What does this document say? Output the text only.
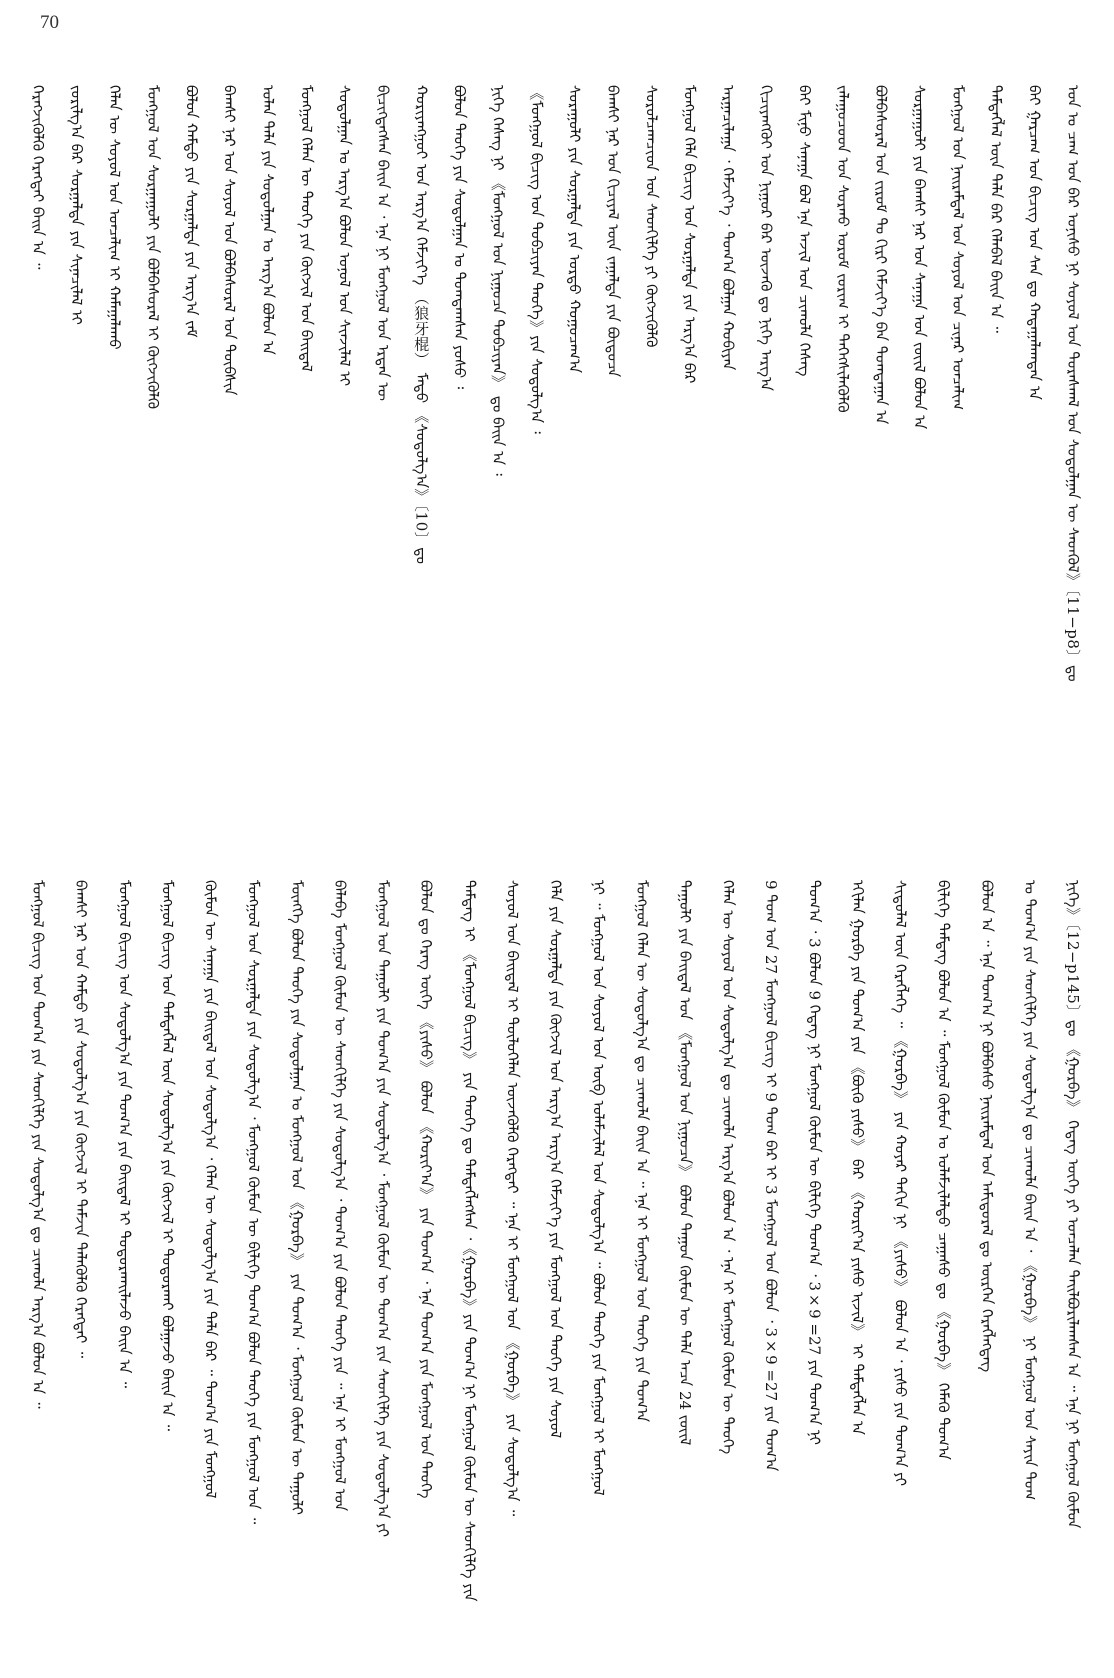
70
ᠤᠨ ᠤ ᠴᠠᠭ ᠤᠨ ᠪᠠᠷ ᠣᠨᠢᠰᠤ ᠨᠢ ᠰᠣᠶᠤᠯ ᠤᠨ ᠳᠤᠷᠠᠰᠬᠠᠯ ᠤᠨ ᠰᠤᠳᠤᠯᠭᠠᠨ ᠦ ᠰᠡᠳᠭᠦᠯ》〔11−p8〕ᠳᠤ
ᠪᠠᠢ ᠭᠠᠷᠴᠠᠭ ᠤᠨ ᠪᠢᠴᠢᠭ ᠤᠨ ᠰᠠᠨ ᠳᠤ ᠬᠠᠳᠠᠭᠠᠯᠠᠭᠳᠠᠨ ᠠ
ᠲᠡᠮᠳᠡᠭᠯᠡᠯ ᠦᠨ ᠲᠠᠯᠠ ᠪᠠᠷ ᠬᠡᠯᠡᠪᠡᠯ ᠪᠠᠢᠨ ᠠ ᠃
ᠮᠣᠩᠭᠣᠯ ᠤᠨ ᠨᠠᠢᠷᠠᠮᠳᠠᠯ ᠤᠨ ᠰᠣᠶᠤᠯ ᠤᠨ ᠴᠢᠨᠠᠷ ᠣᠨᠴᠠᠯᠢᠭ
ᠰᠤᠷᠭᠠᠭᠤᠯᠢ ᠶᠢᠨ ᠪᠠᠭᠰᠢ ᠨᠠᠷ ᠤᠨ ᠰᠠᠨᠠᠭᠠ ᠤᠨ ᠵᠦᠢᠯ ᠪᠣᠯᠤᠨ ᠠ
ᠪᠣᠯᠪᠠᠰᠤᠷᠠᠯ ᠤᠨ ᠵᠢᠷᠤᠮ ᠲᠤ ᠬᠢᠷᠢ ᠬᠡᠮᠵᠢᠶ᠎ᠡ ᠪᠠᠨ ᠲᠣᠭᠲᠠᠭᠠᠨ ᠠ
ᠵᠠᠯᠠᠭᠤᠴᠤᠳ ᠤᠨ ᠰᠤᠷᠬᠤ ᠤᠷᠤᠮ ᠵᠣᠷᠢᠭ ᠢ ᠳᠡᠭᠡᠭᠰᠢᠯᠡᠭᠦᠯᠬᠦ
ᠪᠠᠢ ᠮᠢᠨᠦ ᠰᠠᠨᠠᠭᠠ ᠪᠣᠯ ᠡᠨᠡ ᠠᠵᠢᠯ ᠤᠨ ᠴᠢᠬᠤᠯᠠ ᠬᠡᠰᠡᠭ
ᠬᠢᠴᠢᠶᠡᠩᠭᠦᠢ ᠤᠨ ᠨᠢᠭᠤᠷ ᠪᠠᠷ ᠦᠵᠡᠬᠦ ᠳᠤ ᠨᠢᠭᠡ ᠠᠷᠭ᠎ᠠ
ᠠᠷᠭᠠᠴᠢᠯᠠᠭᠠ ᠂ ᠬᠡᠮᠵᠢᠶ᠎ᠡ ᠂ ᠲᠣᠭ᠎ᠠ ᠪᠣᠯᠭᠠᠨ ᠬᠤᠪᠢᠶᠠᠨ
ᠮᠣᠩᠭᠣᠯ ᠬᠡᠯᠡ ᠪᠢᠴᠢᠭ ᠤᠨ ᠰᠤᠷᠭᠠᠯᠲᠠ ᠶᠢᠨ ᠠᠷᠭ᠎ᠠ ᠪᠠᠷ
ᠰᠤᠷᠤᠯᠴᠠᠭᠴᠢᠳ ᠤᠨ ᠰᠡᠳᠬᠢᠯᠭᠡ ᠶᠢ ᠬᠥᠭᠵᠢᠭᠦᠯᠬᠦ
ᠪᠠᠭᠰᠢ ᠨᠠᠷ ᠤᠨ ᠬᠢᠴᠢᠶᠡᠯ ᠦᠨ ᠵᠠᠭᠠᠯᠲᠠ ᠶᠢᠨ ᠪᠦᠲᠦᠴᠡ
ᠰᠤᠷᠠᠭᠤᠯᠢ ᠶᠢᠨ ᠰᠤᠷᠭᠠᠯᠲᠠ ᠶᠢᠨ ᠤᠷᠲᠤ ᠬᠤᠭᠤᠴᠠᠭ᠎ᠠ
《ᠮᠣᠩᠭᠣᠯ ᠪᠢᠴᠢᠭ ᠤᠨ ᠲᠣᠪᠴᠢᠶᠠᠨ ᠲᠡᠦᠬᠡ》ᠶᠢᠨ ᠰᠤᠳᠤᠯᠭ᠎ᠠ ᠄
ᠨᠢᠭᠡ ᠬᠡᠰᠡᠭ ᠨᠢ 《ᠮᠣᠩᠭᠣᠯ ᠤᠨ ᠨᠢᠭᠤᠴᠠ ᠲᠣᠪᠴᠢᠶᠠᠨ》 ᠳᠤ ᠪᠠᠢᠨ ᠠ ᠄
ᠪᠣᠯᠤᠨ ᠲᠡᠦᠬᠡ ᠶᠢᠨ ᠰᠤᠳᠤᠯᠭᠠᠨ ᠤ ᠲᠣᠭᠲᠠᠭᠰᠠᠨ ᠶᠣᠰᠤ ᠄
ᠬᠤᠷᠢᠶᠠᠩᠭᠤᠢ ᠤᠨ ᠠᠷᠭ᠎ᠠ ᠬᠡᠮᠵᠢᠶ᠎ᠡ （狼牙棍） ᠮᠡᠲᠦ 《ᠰᠤᠳᠤᠯᠭ᠎ᠠ》〔10〕ᠳᠤ
ᠪᠢᠴᠢᠭᠳᠡᠭᠰᠡᠨ ᠪᠠᠢᠨ ᠠ ᠂ ᠡᠨᠡ ᠨᠢ ᠮᠣᠩᠭᠣᠯ ᠤᠨ ᠡᠷᠲᠡᠨ ᠦ
ᠰᠤᠳᠤᠯᠭᠠᠨ ᠤ ᠠᠷᠭ᠎ᠠ ᠪᠣᠯᠤᠨ ᠣᠨᠣᠯ ᠤᠨ ᠰᠢᠨᠵᠢᠯᠡᠯ ᠢ
ᠮᠣᠩᠭᠣᠯ ᠬᠡᠯᠡᠨ ᠦ ᠲᠡᠦᠬᠡ ᠶᠢᠨ ᠬᠥᠭᠵᠢᠯ ᠤᠨ ᠪᠠᠢᠳᠠᠯ
ᠣᠯᠠᠨ ᠲᠠᠯᠠ ᠶᠢᠨ ᠰᠤᠳᠤᠯᠭᠠᠨ ᠤ ᠠᠷᠭ᠎ᠠ ᠪᠣᠯᠤᠨ ᠠ
ᠪᠠᠭᠰᠢ ᠨᠠᠷ ᠤᠨ ᠰᠣᠶᠤᠯ ᠤᠨ ᠪᠣᠯᠪᠠᠰᠤᠷᠠᠯ ᠤᠨ ᠲᠦᠪᠰᠢᠨ
ᠪᠣᠯᠤᠨ ᠬᠠᠮᠲᠤ ᠶᠢᠨ ᠰᠤᠷᠭᠠᠯᠲᠠ ᠶᠢᠨ ᠠᠷᠭ᠎ᠠ ᠵᠠᠮ
ᠮᠣᠩᠭᠣᠯ ᠤᠨ ᠰᠤᠷᠭᠠᠭᠤᠯᠢ ᠶᠢᠨ ᠪᠣᠯᠪᠠᠰᠤᠷᠠᠯ ᠢ ᠬᠥᠭᠵᠢᠭᠦᠯᠬᠦ
ᠬᠡᠯᠡᠨ ᠦ ᠰᠣᠶᠤᠯ ᠤᠨ ᠣᠨᠴᠠᠯᠢᠭ ᠢ ᠬᠠᠮᠠᠭᠠᠯᠠᠬᠤ
ᠵᠣᠷᠢᠯᠭ᠎ᠠ ᠪᠠᠷ ᠰᠤᠷᠭᠠᠯᠲᠠ ᠶᠢᠨ ᠰᠢᠨᠡᠴᠢᠯᠡᠯ ᠢ
ᠬᠡᠷᠡᠭᠵᠢᠭᠦᠯᠬᠦ ᠬᠡᠷᠡᠭᠲᠡᠢ ᠪᠠᠢᠨ ᠠ ᠃
ᠨᠢᠭᠡ》〔12−p145〕ᠳᠤ 《ᠭᠤᠷᠪᠠ》 ᠭᠡᠳᠡᠭ ᠦᠭᠡ ᠶᠢ ᠣᠨᠴᠠᠯᠠᠨ ᠲᠠᠢᠯᠪᠤᠷᠢᠯᠠᠭᠰᠠᠨ ᠠ ᠃ ᠡᠨᠡ ᠨᠢ ᠮᠣᠩᠭᠣᠯ ᠬᠦᠮᠦᠨ
ᠤ ᠲᠣᠭ᠎ᠠ ᠶᠢᠨ ᠰᠡᠳᠬᠢᠯᠭᠡ ᠶᠢᠨ ᠰᠤᠳᠤᠯᠭ᠎ᠠ ᠳᠤ ᠴᠢᠬᠤᠯᠠ ᠪᠠᠢᠨ ᠠ ᠂ 《ᠭᠤᠷᠪᠠ》 ᠨᠢ ᠮᠣᠩᠭᠣᠯ ᠤᠨ ᠰᠠᠶᠢᠨ ᠲᠤᠭ
ᠪᠣᠯᠤᠨ ᠠ ᠃ ᠡᠨᠡ ᠲᠣᠭ᠎ᠠ ᠨᠢ ᠪᠣᠯᠪᠠᠰᠤ ᠨᠠᠢᠷᠠᠮᠳᠠᠯ ᠤᠨ ᠠᠮᠢᠳᠤᠷᠠᠯ ᠳᠤ ᠥᠷᠭᠡᠨ ᠬᠡᠷᠡᠭᠯᠡᠭᠳᠡᠭ
ᠪᠢᠯᠢᠭᠡ ᠲᠡᠮᠳᠡᠭ ᠪᠣᠯᠤᠨ ᠠ ᠃ ᠮᠣᠩᠭᠣᠯ ᠬᠦᠮᠦᠨ ᠤ ᠤᠯᠠᠮᠵᠢᠯᠠᠯᠳᠤ ᠴᠠᠭᠠᠰᠤ ᠳᠤ 《ᠭᠤᠷᠪᠠ》 ᠬᠡᠮᠡᠬᠦ ᠲᠣᠭ᠎ᠠ
ᠰᠢᠳᠦᠯᠡᠯ ᠦᠨ ᠬᠡᠷᠡᠭᠯᠡᠭᠡ ᠃ 《ᠭᠤᠷᠪᠠ》 ᠶᠢᠨ ᠬᠣᠶᠠᠷ ᠳᠠᠬᠢᠨ ᠨᠢ 《ᠶᠢᠰᠦ》 ᠪᠣᠯᠤᠨ ᠠ ᠂ ᠶᠢᠰᠦ ᠶᠢᠨ ᠲᠣᠭ᠎ᠠ ᠶᠢ
ᠡᠬᠢᠯᠡᠨ ᠭᠤᠷᠪᠠ ᠶᠢᠨ ᠲᠣᠭ᠎ᠠ ᠶᠢᠨ 《ᠪᠦᠬᠦ ᠶᠢᠰᠦ》 ᠪᠠᠷ 《ᠬᠤᠷᠢᠶ᠎ᠠ ᠶᠢᠰᠦ ᠢᠵᠢᠯ》 ᠢ ᠲᠡᠮᠳᠡᠭᠯᠡᠨ ᠠ
ᠲᠣᠭ᠎ᠠ ᠂ 3 ᠪᠣᠯᠤᠨ 9 ᠭᠡᠳᠡᠭ ᠨᠢ ᠮᠣᠩᠭᠣᠯ ᠬᠦᠮᠦᠨ ᠦ ᠪᠢᠯᠢᠭᠡ ᠲᠣᠭ᠎ᠠ ᠂ 3×9 =27 ᠶᠢᠨ ᠲᠣᠭ᠎ᠠ ᠨᠢ
9 ᠲᠤᠭ ᠤᠨ 27 ᠮᠣᠩᠭᠣᠯ ᠪᠢᠴᠢᠭ ᠢ 9 ᠲᠤᠭ ᠪᠠᠷ ᠢ 3 ᠮᠣᠩᠭᠣᠯ ᠤᠨ ᠪᠣᠯᠤᠨ ᠂ 3×9 =27 ᠶᠢᠨ ᠲᠣᠭ᠎ᠠ
ᠬᠡᠯᠡᠨ ᠦ ᠰᠣᠶᠤᠯ ᠤᠨ ᠰᠤᠳᠤᠯᠭ᠎ᠠ ᠳᠤ ᠴᠢᠬᠤᠯᠠ ᠠᠷᠭ᠎ᠠ ᠪᠣᠯᠤᠨ ᠠ ᠂ ᠡᠨᠡ ᠢ ᠮᠣᠩᠭᠣᠯ ᠬᠦᠮᠦᠨ ᠦ ᠲᠡᠦᠬᠡ
ᠲᠠᠭᠤᠯᠢ ᠶᠢᠨ ᠪᠠᠢᠳᠠᠯ ᠤᠨ 《ᠮᠣᠩᠭᠣᠯ ᠤᠨ ᠨᠢᠭᠤᠴᠠ》 ᠪᠣᠯᠤᠨ ᠳᠠᠭᠤᠨ ᠬᠦᠮᠦᠨ ᠦ ᠲᠠᠯᠠ ᠠᠴᠠ 24 ᠵᠦᠢᠯ
ᠮᠣᠩᠭᠣᠯ ᠬᠡᠯᠡᠨ ᠦ ᠰᠤᠳᠤᠯᠭ᠎ᠠ ᠳᠤ ᠴᠢᠬᠤᠯᠠ ᠪᠠᠢᠨ ᠠ ᠃ ᠡᠨᠡ ᠢ ᠮᠣᠩᠭᠣᠯ ᠤᠨ ᠲᠡᠦᠬᠡ ᠶᠢᠨ ᠲᠣᠭ᠎ᠠ
ᠨᠢ ᠃ ᠮᠣᠩᠭᠣᠯ ᠤᠨ ᠰᠣᠶᠤᠯ ᠤᠨ ᠥᠪ ᠤᠯᠠᠮᠵᠢᠯᠠᠯ ᠤᠨ ᠰᠤᠳᠤᠯᠭ᠎ᠠ ᠃ ᠪᠣᠯᠤᠨ ᠲᠡᠦᠬᠡ ᠶᠢᠨ ᠮᠣᠩᠭᠣᠯ ᠢ ᠮᠣᠩᠭᠣᠯ
ᠬᠡᠯᠡ ᠶᠢᠨ ᠰᠤᠷᠭᠠᠯᠲᠠ ᠶᠢᠨ ᠬᠥᠭᠵᠢᠯ ᠤᠨ ᠠᠷᠭ᠎ᠠ ᠠᠷᠭ᠎ᠠ ᠬᠡᠮᠵᠢᠶ᠎ᠡ ᠶᠢᠨ ᠮᠣᠩᠭᠣᠯ ᠤᠨ ᠲᠡᠦᠬᠡ ᠶᠢᠨ ᠰᠣᠶᠤᠯ
ᠰᠣᠶᠤᠯ ᠤᠨ ᠪᠠᠢᠳᠠᠯ ᠢ ᠲᠥᠯᠥᠭᠡᠯᠡᠨ ᠦᠵᠡᠭᠦᠯᠬᠦ ᠬᠡᠷᠡᠭᠲᠡᠢ ᠃ ᠡᠨᠡ ᠢ ᠮᠣᠩᠭᠣᠯ ᠤᠨ 《ᠭᠤᠷᠪᠠ》 ᠶᠢᠨ ᠰᠤᠳᠤᠯᠭ᠎ᠠ ᠃
ᠲᠡᠮᠳᠡᠭ ᠢ 《ᠮᠣᠩᠭᠣᠯ ᠪᠢᠴᠢᠭ》 ᠶᠢᠨ ᠲᠡᠦᠬᠡ ᠳᠤ ᠲᠡᠮᠳᠡᠭᠯᠡᠭᠰᠡᠨ ᠂《ᠭᠤᠷᠪᠠ》ᠶᠢᠨ ᠲᠣᠭ᠎ᠠ ᠨᠢ ᠮᠣᠩᠭᠣᠯ ᠬᠦᠮᠦᠨ ᠦ ᠰᠡᠳᠬᠢᠯᠭᠡ ᠶᠢᠨ
ᠪᠣᠯᠤᠨ ᠳᠤ ᠬᠡᠷᠡᠭ ᠦᠭᠡ 《ᠶᠢᠰᠦ》 ᠪᠣᠯᠤᠨ 《ᠬᠤᠷᠢᠶ᠎ᠠ》 ᠶᠢᠨ ᠲᠣᠭ᠎ᠠ ᠂ ᠡᠨᠡ ᠲᠣᠭ᠎ᠠ ᠶᠢᠨ ᠮᠣᠩᠭᠣᠯ ᠤᠨ ᠲᠡᠦᠬᠡ
ᠮᠣᠩᠭᠣᠯ ᠤᠨ ᠲᠠᠭᠤᠯᠢ ᠶᠢᠨ ᠲᠣᠭ᠎ᠠ ᠶᠢᠨ ᠰᠤᠳᠤᠯᠭ᠎ᠠ ᠂ ᠮᠣᠩᠭᠣᠯ ᠬᠦᠮᠦᠨ ᠦ ᠲᠣᠭ᠎ᠠ ᠶᠢᠨ ᠰᠡᠳᠬᠢᠯᠭᠡ ᠶᠢᠨ ᠰᠤᠳᠤᠯᠭ᠎ᠠ ᠶᠢ
ᠪᠠᠯᠠᠪᠠ ᠮᠣᠩᠭᠣᠯ ᠬᠦᠮᠦᠨ ᠦ ᠰᠡᠳᠬᠢᠯᠭᠡ ᠶᠢᠨ ᠰᠤᠳᠤᠯᠭ᠎ᠠ ᠂ ᠲᠣᠭ᠎ᠠ ᠶᠢᠨ ᠪᠣᠯᠤᠨ ᠲᠡᠦᠬᠡ ᠶᠢᠨ ᠃ ᠡᠨᠡ ᠢ ᠮᠣᠩᠭᠣᠯ ᠤᠨ
ᠮᠥᠩᠭᠡ ᠪᠣᠯᠤᠨ ᠲᠡᠦᠬᠡ ᠶᠢᠨ ᠰᠤᠳᠤᠯᠭᠠᠨ ᠤ ᠮᠣᠩᠭᠣᠯ ᠤᠨ 《ᠭᠤᠷᠪᠠ》 ᠶᠢᠨ ᠲᠣᠭ᠎ᠠ ᠂ ᠮᠣᠩᠭᠣᠯ ᠬᠦᠮᠦᠨ ᠦ ᠲᠠᠭᠤᠯᠢ
ᠮᠣᠩᠭᠣᠯ ᠤᠨ ᠰᠤᠷᠭᠠᠯᠲᠠ ᠶᠢᠨ ᠰᠤᠳᠤᠯᠭ᠎ᠠ ᠂ ᠮᠣᠩᠭᠣᠯ ᠬᠦᠮᠦᠨ ᠦ ᠪᠢᠯᠢᠭᠡ ᠲᠣᠭ᠎ᠠ ᠪᠣᠯᠤᠨ ᠲᠡᠦᠬᠡ ᠶᠢᠨ ᠮᠣᠩᠭᠣᠯ ᠤᠨ ᠃
ᠬᠦᠮᠦᠨ ᠦ ᠰᠠᠨᠠᠭᠠ ᠶᠢᠨ ᠪᠠᠢᠳᠠᠯ ᠤᠨ ᠰᠤᠳᠤᠯᠭ᠎ᠠ ᠂ ᠬᠡᠯᠡᠨ ᠦ ᠰᠤᠳᠤᠯᠭ᠎ᠠ ᠶᠢᠨ ᠲᠠᠯᠠ ᠪᠠᠷ ᠃ ᠲᠣᠭ᠎ᠠ ᠶᠢᠨ ᠮᠣᠩᠭᠣᠯ
ᠮᠣᠩᠭᠣᠯ ᠪᠢᠴᠢᠭ ᠤᠨ ᠲᠡᠮᠳᠡᠭᠯᠡᠯ ᠦᠨ ᠰᠤᠳᠤᠯᠭ᠎ᠠ ᠶᠢᠨ ᠬᠥᠭᠵᠢᠯ ᠢ ᠲᠣᠳᠤᠷᠬᠠᠢ ᠪᠣᠯᠭᠠᠵᠤ ᠪᠠᠢᠨ ᠠ ᠃
ᠮᠣᠩᠭᠣᠯ ᠪᠢᠴᠢᠭ ᠤᠨ ᠰᠤᠳᠤᠯᠭ᠎ᠠ ᠶᠢᠨ ᠲᠣᠭ᠎ᠠ ᠶᠢᠨ ᠪᠠᠢᠳᠠᠯ ᠢ ᠲᠣᠳᠤᠷᠬᠠᠢᠯᠠᠵᠤ ᠪᠠᠢᠨ ᠠ ᠃
ᠪᠠᠭᠰᠢ ᠨᠠᠷ ᠤᠨ ᠬᠠᠮᠲᠤ ᠶᠢᠨ ᠰᠤᠳᠤᠯᠭ᠎ᠠ ᠶᠢᠨ ᠬᠥᠭᠵᠢᠯ ᠢ ᠳᠡᠮᠵᠢᠨ ᠲᠡᠯᠡᠭᠦᠯᠬᠦ ᠬᠡᠷᠡᠭᠲᠡᠢ ᠃
ᠮᠣᠩᠭᠣᠯ ᠪᠢᠴᠢᠭ ᠤᠨ ᠲᠣᠭ᠎ᠠ ᠶᠢᠨ ᠰᠡᠳᠬᠢᠯᠭᠡ ᠶᠢᠨ ᠰᠤᠳᠤᠯᠭ᠎ᠠ ᠳᠤ ᠴᠢᠬᠤᠯᠠ ᠠᠷᠭ᠎ᠠ ᠪᠣᠯᠤᠨ ᠠ ᠃
